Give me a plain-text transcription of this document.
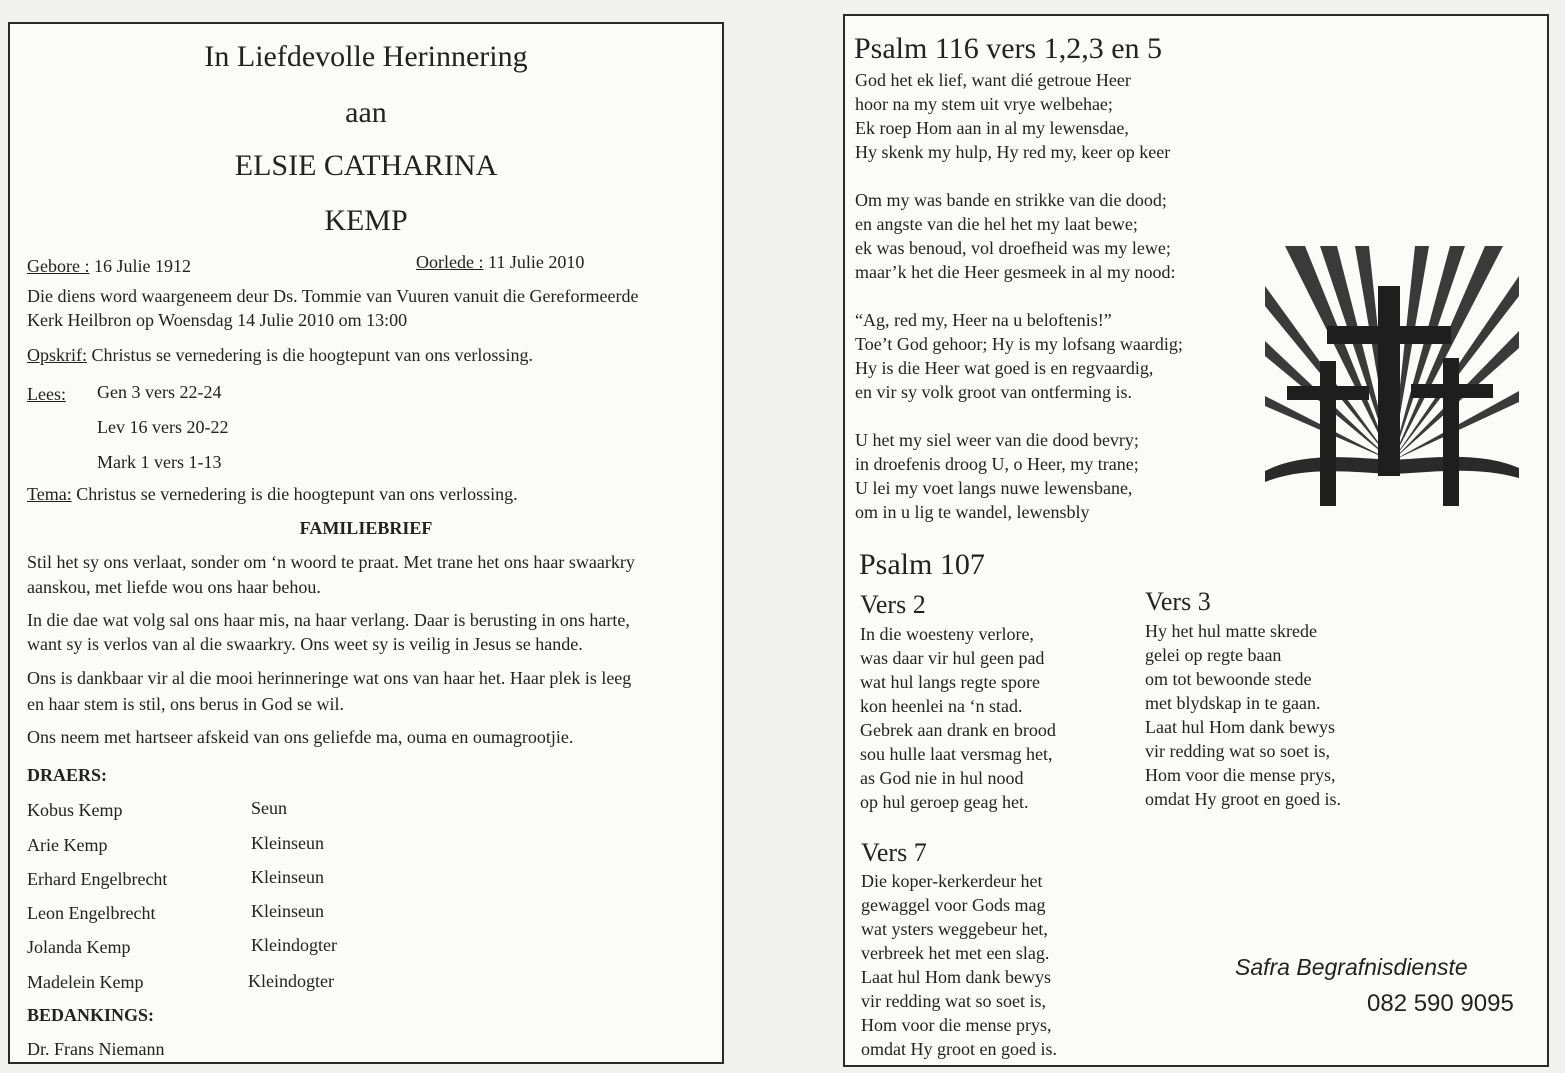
In Liefdevolle Herinnering
aan
ELSIE CATHARINA
KEMP
Gebore : 16 Julie 1912	Oorlede : 11 Julie 2010
Die diens word waargeneem deur Ds. Tommie van Vuuren vanuit die Gereformeerde
Kerk Heilbron op Woensdag 14 Julie 2010 om 13:00
Opskrif: Christus se vernedering is die hoogtepunt van ons verlossing.
Lees: Gen 3 vers 22-24
Lev 16 vers 20-22
Mark 1 vers 1-13
Tema: Christus se vernedering is die hoogtepunt van ons verlossing.
FAMILIEBRIEF
Stil het sy ons verlaat, sonder om ‘n woord te praat. Met trane het ons haar swaarkry
aanskou, met liefde wou ons haar behou.
In die dae wat volg sal ons haar mis, na haar verlang. Daar is berusting in ons harte,
want sy is verlos van al die swaarkry. Ons weet sy is veilig in Jesus se hande.
Ons is dankbaar vir al die mooi herinneringe wat ons van haar het. Haar plek is leeg
en haar stem is stil, ons berus in God se wil.
Ons neem met hartseer afskeid van ons geliefde ma, ouma en oumagrootjie.
DRAERS:
Kobus Kemp	Seun
Arie Kemp	Kleinseun
Erhard Engelbrecht	Kleinseun
Leon Engelbrecht	Kleinseun
Jolanda Kemp	Kleindogter
Madelein Kemp	Kleindogter
BEDANKINGS:
Dr. Frans Niemann
Psalm 116 vers 1,2,3 en 5
God het ek lief, want dié getroue Heer
hoor na my stem uit vrye welbehae;
Ek roep Hom aan in al my lewensdae,
Hy skenk my hulp, Hy red my, keer op keer

Om my was bande en strikke van die dood;
en angste van die hel het my laat bewe;
ek was benoud, vol droefheid was my lewe;
maar’k het die Heer gesmeek in al my nood:

“Ag, red my, Heer na u beloftenis!”
Toe’t God gehoor; Hy is my lofsang waardig;
Hy is die Heer wat goed is en regvaardig,
en vir sy volk groot van ontferming is.

U het my siel weer van die dood bevry;
in droefenis droog U, o Heer, my trane;
U lei my voet langs nuwe lewensbane,
om in u lig te wandel, lewensbly
Psalm 107
Vers 2
In die woesteny verlore,
was daar vir hul geen pad
wat hul langs regte spore
kon heenlei na ‘n stad.
Gebrek aan drank en brood
sou hulle laat versmag het,
as God nie in hul nood
op hul geroep geag het.
Vers 3
Hy het hul matte skrede
gelei op regte baan
om tot bewoonde stede
met blydskap in te gaan.
Laat hul Hom dank bewys
vir redding wat so soet is,
Hom voor die mense prys,
omdat Hy groot en goed is.
Vers 7
Die koper-kerkerdeur het
gewaggel voor Gods mag
wat ysters weggebeur het,
verbreek het met een slag.
Laat hul Hom dank bewys
vir redding wat so soet is,
Hom voor die mense prys,
omdat Hy groot en goed is.
Safra Begrafnisdienste
082 590 9095
